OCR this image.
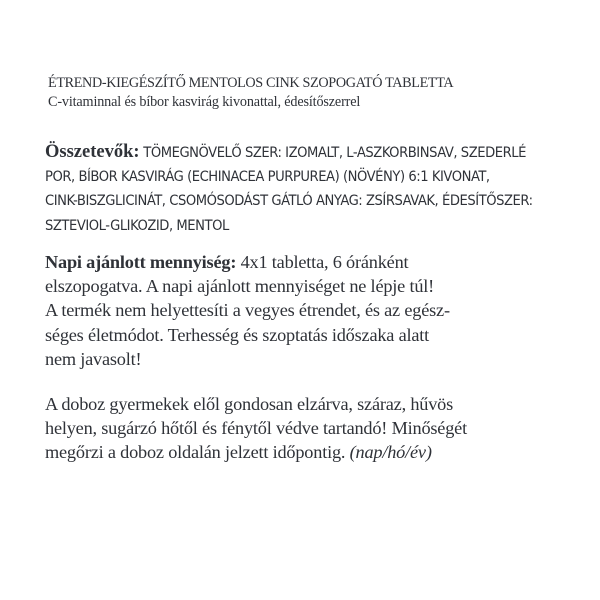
ÉTREND-KIEGÉSZÍTŐ MENTOLOS CINK SZOPOGATÓ TABLETTA
C-vitaminnal és bíbor kasvirág kivonattal, édesítőszerrel
Összetevők: TÖMEGNÖVELŐ SZER: IZOMALT, L-ASZKORBINSAV, SZEDERLÉ
POR, BÍBOR KASVIRÁG (ECHINACEA PURPUREA) (NÖVÉNY) 6:1 KIVONAT,
CINK-BISZGLICINÁT, CSOMÓSODÁST GÁTLÓ ANYAG: ZSÍRSAVAK, ÉDESÍTŐSZER:
SZTEVIOL-GLIKOZID, MENTOL
Napi ajánlott mennyiség: 4x1 tabletta, 6 óránként
elszopogatva. A napi ajánlott mennyiséget ne lépje túl!
A termék nem helyettesíti a vegyes étrendet, és az egész-
séges életmódot. Terhesség és szoptatás időszaka alatt
nem javasolt!
A doboz gyermekek elől gondosan elzárva, száraz, hűvös
helyen, sugárzó hőtől és fénytől védve tartandó! Minőségét
megőrzi a doboz oldalán jelzett időpontig. (nap/hó/év)
